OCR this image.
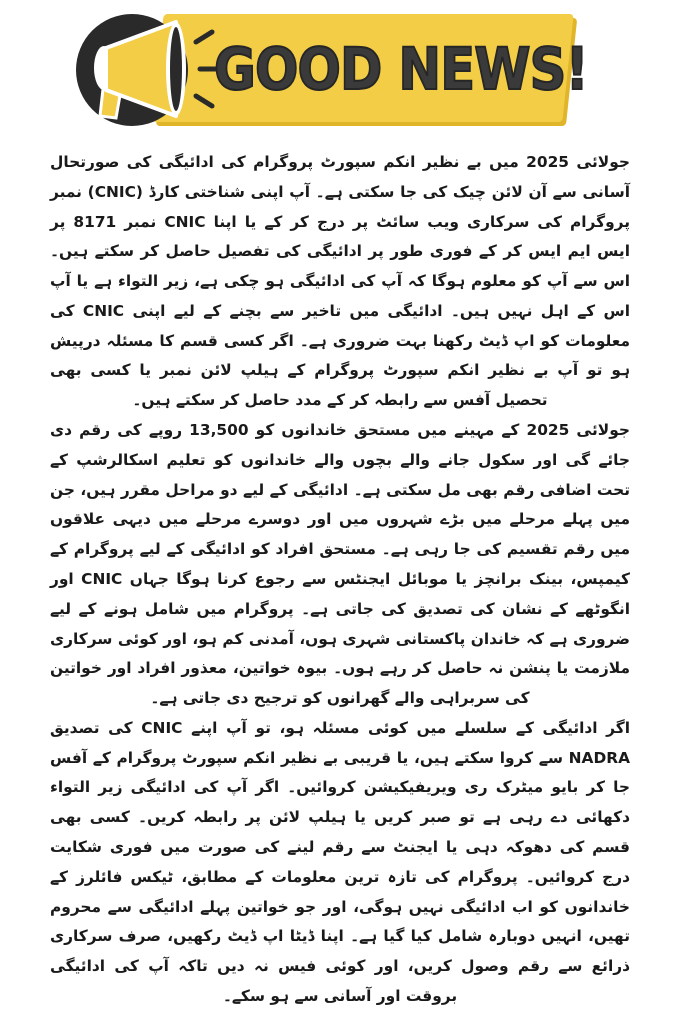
GOOD NEWS!

جولائی 2025 میں بے نظیر انکم سپورٹ پروگرام کی ادائیگی کی صورتحال آسانی سے آن لائن چیک کی جا سکتی ہے۔ آپ اپنی شناختی کارڈ (CNIC) نمبر پروگرام کی سرکاری ویب سائٹ پر درج کر کے یا اپنا CNIC نمبر 8171 پر ایس ایم ایس کر کے فوری طور پر ادائیگی کی تفصیل حاصل کر سکتے ہیں۔ اس سے آپ کو معلوم ہوگا کہ آپ کی ادائیگی ہو چکی ہے، زیر التواء ہے یا آپ اس کے اہل نہیں ہیں۔ ادائیگی میں تاخیر سے بچنے کے لیے اپنی CNIC کی معلومات کو اپ ڈیٹ رکھنا بہت ضروری ہے۔ اگر کسی قسم کا مسئلہ درپیش ہو تو آپ بے نظیر انکم سپورٹ پروگرام کے ہیلپ لائن نمبر یا کسی بھی تحصیل آفس سے رابطہ کر کے مدد حاصل کر سکتے ہیں۔

جولائی 2025 کے مہینے میں مستحق خاندانوں کو 13,500 روپے کی رقم دی جائے گی اور سکول جانے والے بچوں والے خاندانوں کو تعلیم اسکالرشپ کے تحت اضافی رقم بھی مل سکتی ہے۔ ادائیگی کے لیے دو مراحل مقرر ہیں، جن میں پہلے مرحلے میں بڑے شہروں میں اور دوسرے مرحلے میں دیہی علاقوں میں رقم تقسیم کی جا رہی ہے۔ مستحق افراد کو ادائیگی کے لیے پروگرام کے کیمپس، بینک برانچز یا موبائل ایجنٹس سے رجوع کرنا ہوگا جہاں CNIC اور انگوٹھے کے نشان کی تصدیق کی جاتی ہے۔ پروگرام میں شامل ہونے کے لیے ضروری ہے کہ خاندان پاکستانی شہری ہوں، آمدنی کم ہو، اور کوئی سرکاری ملازمت یا پنشن نہ حاصل کر رہے ہوں۔ بیوہ خواتین، معذور افراد اور خواتین کی سربراہی والے گھرانوں کو ترجیح دی جاتی ہے۔

اگر ادائیگی کے سلسلے میں کوئی مسئلہ ہو، تو آپ اپنے CNIC کی تصدیق NADRA سے کروا سکتے ہیں، یا قریبی بے نظیر انکم سپورٹ پروگرام کے آفس جا کر بایو میٹرک ری ویریفیکیشن کروائیں۔ اگر آپ کی ادائیگی زیر التواء دکھائی دے رہی ہے تو صبر کریں یا ہیلپ لائن پر رابطہ کریں۔ کسی بھی قسم کی دھوکہ دہی یا ایجنٹ سے رقم لینے کی صورت میں فوری شکایت درج کروائیں۔ پروگرام کی تازہ ترین معلومات کے مطابق، ٹیکس فائلرز کے خاندانوں کو اب ادائیگی نہیں ہوگی، اور جو خواتین پہلے ادائیگی سے محروم تھیں، انہیں دوبارہ شامل کیا گیا ہے۔ اپنا ڈیٹا اپ ڈیٹ رکھیں، صرف سرکاری ذرائع سے رقم وصول کریں، اور کوئی فیس نہ دیں تاکہ آپ کی ادائیگی بروقت اور آسانی سے ہو سکے۔
